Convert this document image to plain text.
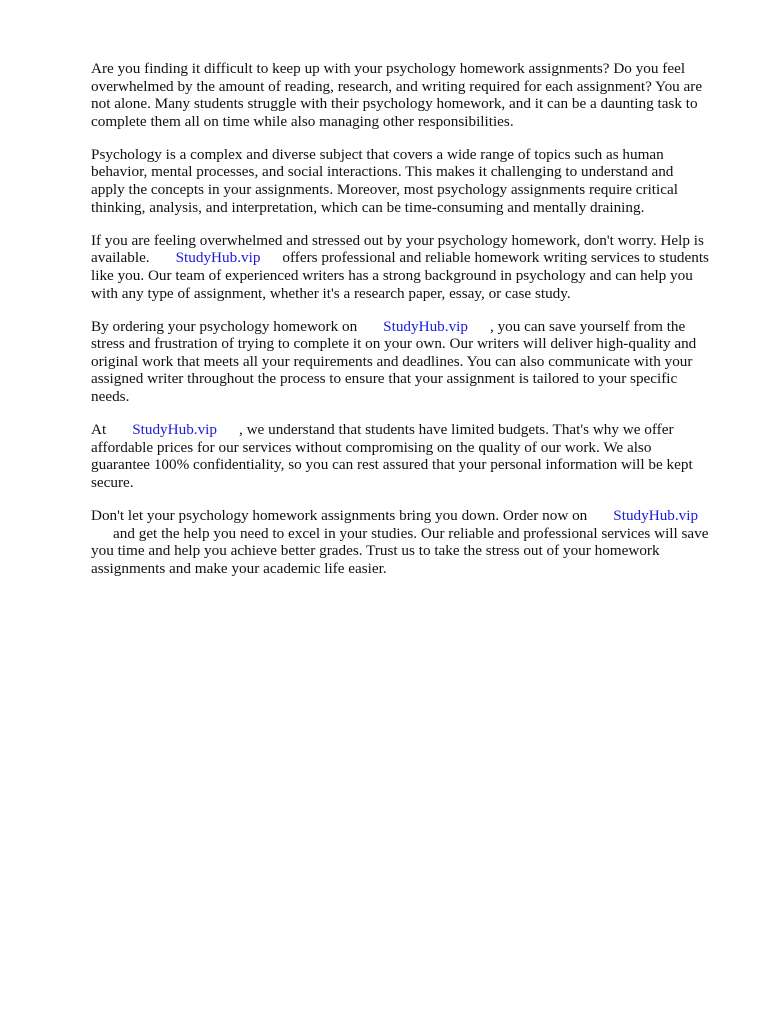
Are you finding it difficult to keep up with your psychology homework assignments? Do you feel
overwhelmed by the amount of reading, research, and writing required for each assignment? You are
not alone. Many students struggle with their psychology homework, and it can be a daunting task to
complete them all on time while also managing other responsibilities.
Psychology is a complex and diverse subject that covers a wide range of topics such as human
behavior, mental processes, and social interactions. This makes it challenging to understand and
apply the concepts in your assignments. Moreover, most psychology assignments require critical
thinking, analysis, and interpretation, which can be time-consuming and mentally draining.
If you are feeling overwhelmed and stressed out by your psychology homework, don't worry. Help is
available. StudyHub.vip offers professional and reliable homework writing services to students
like you. Our team of experienced writers has a strong background in psychology and can help you
with any type of assignment, whether it's a research paper, essay, or case study.
By ordering your psychology homework on StudyHub.vip , you can save yourself from the
stress and frustration of trying to complete it on your own. Our writers will deliver high-quality and
original work that meets all your requirements and deadlines. You can also communicate with your
assigned writer throughout the process to ensure that your assignment is tailored to your specific
needs.
At StudyHub.vip , we understand that students have limited budgets. That's why we offer
affordable prices for our services without compromising on the quality of our work. We also
guarantee 100% confidentiality, so you can rest assured that your personal information will be kept
secure.
Don't let your psychology homework assignments bring you down. Order now on StudyHub.vip
and get the help you need to excel in your studies. Our reliable and professional services will save
you time and help you achieve better grades. Trust us to take the stress out of your homework
assignments and make your academic life easier.
